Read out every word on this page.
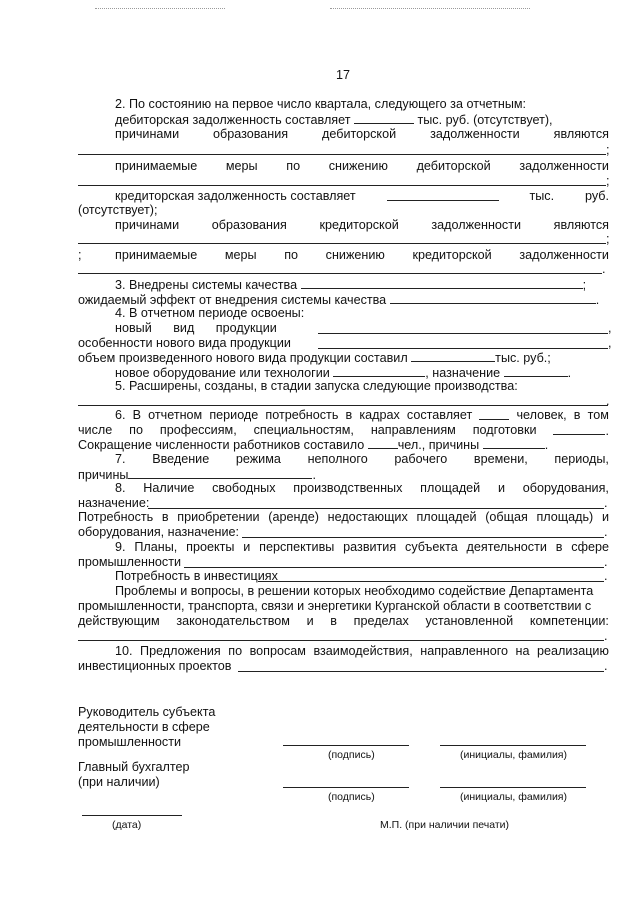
17
2. По состоянию на первое число квартала, следующего за отчетным:
дебиторская задолженность составляет	тыс. руб. (отсутствует),
причинами	образования	дебиторской	задолженности	являются
;
принимаемые меры по снижению дебиторской задолженности
;
кредиторская задолженность составляет	тыс. руб.
(отсутствует);
причинами	образования	кредиторской	задолженности	являются
;
;	принимаемые меры по снижению кредиторской задолженности
.
3. Внедрены системы качества	;
ожидаемый эффект от внедрения системы качества	.
4. В отчетном периоде освоены:
новый вид продукции	,
особенности нового вида продукции	,
объем произведенного нового вида продукции составил	тыс. руб.;
новое оборудование или технологии	, назначение	.
5. Расширены, созданы, в стадии запуска следующие производства:
.
6. В отчетном периоде потребность в кадрах составляет	человек, в том
числе по профессиям, специальностям, направлениям подготовки	.
Сокращение численности работников составило	чел., причины	.
7. Введение режима неполного рабочего времени, периоды,
причины	.
8. Наличие свободных производственных площадей и оборудования,
назначение:	.
Потребность в приобретении (аренде) недостающих площадей (общая площадь) и
оборудования, назначение:	.
9. Планы, проекты и перспективы развития субъекта деятельности в сфере
промышленности	.
Потребность в инвестициях	.
Проблемы и вопросы, в решении которых необходимо содействие Департамента
промышленности, транспорта, связи и энергетики Курганской области в соответствии с
действующим законодательством и в пределах установленной компетенции:
.
10. Предложения по вопросам взаимодействия, направленного на реализацию
инвестиционных проектов	.
Руководитель субъекта
деятельности в сфере
промышленности
(подпись)	(инициалы, фамилия)
Главный бухгалтер
(при наличии)
(подпись)	(инициалы, фамилия)
(дата)	М.П. (при наличии печати)
